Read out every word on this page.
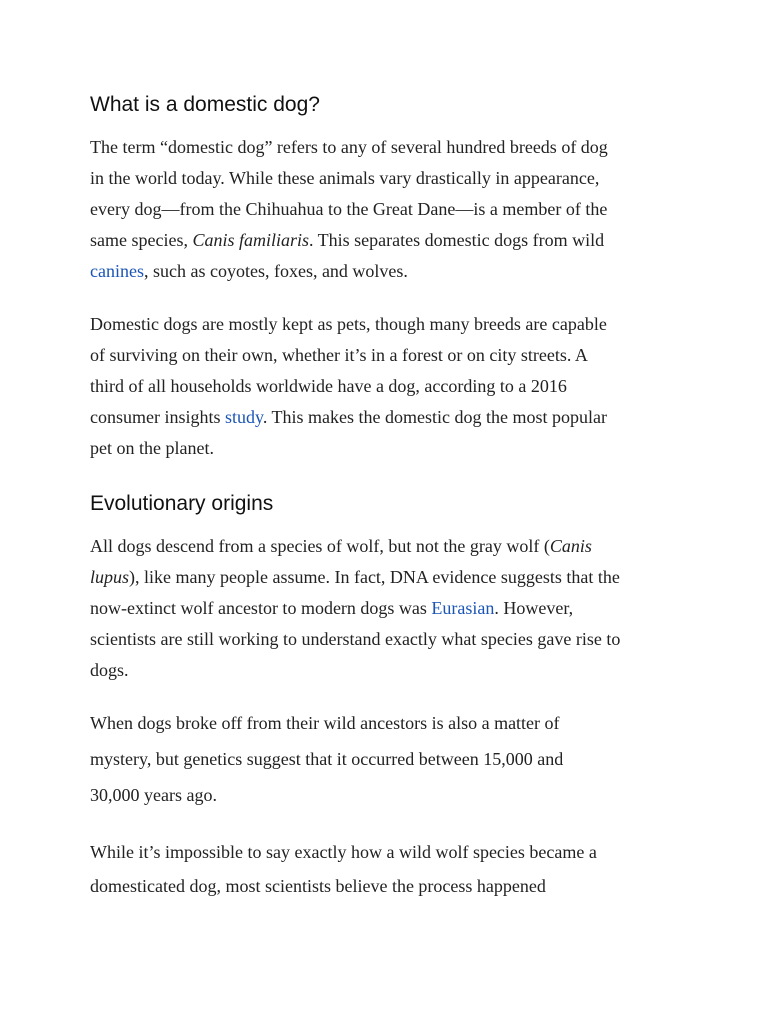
What is a domestic dog?
The term “domestic dog” refers to any of several hundred breeds of dog
in the world today. While these animals vary drastically in appearance,
every dog—from the Chihuahua to the Great Dane—is a member of the
same species, Canis familiaris. This separates domestic dogs from wild
canines, such as coyotes, foxes, and wolves.
Domestic dogs are mostly kept as pets, though many breeds are capable
of surviving on their own, whether it’s in a forest or on city streets. A
third of all households worldwide have a dog, according to a 2016
consumer insights study. This makes the domestic dog the most popular
pet on the planet.
Evolutionary origins
All dogs descend from a species of wolf, but not the gray wolf (Canis
lupus), like many people assume. In fact, DNA evidence suggests that the
now-extinct wolf ancestor to modern dogs was Eurasian. However,
scientists are still working to understand exactly what species gave rise to
dogs.
When dogs broke off from their wild ancestors is also a matter of
mystery, but genetics suggest that it occurred between 15,000 and
30,000 years ago.
While it’s impossible to say exactly how a wild wolf species became a
domesticated dog, most scientists believe the process happened
